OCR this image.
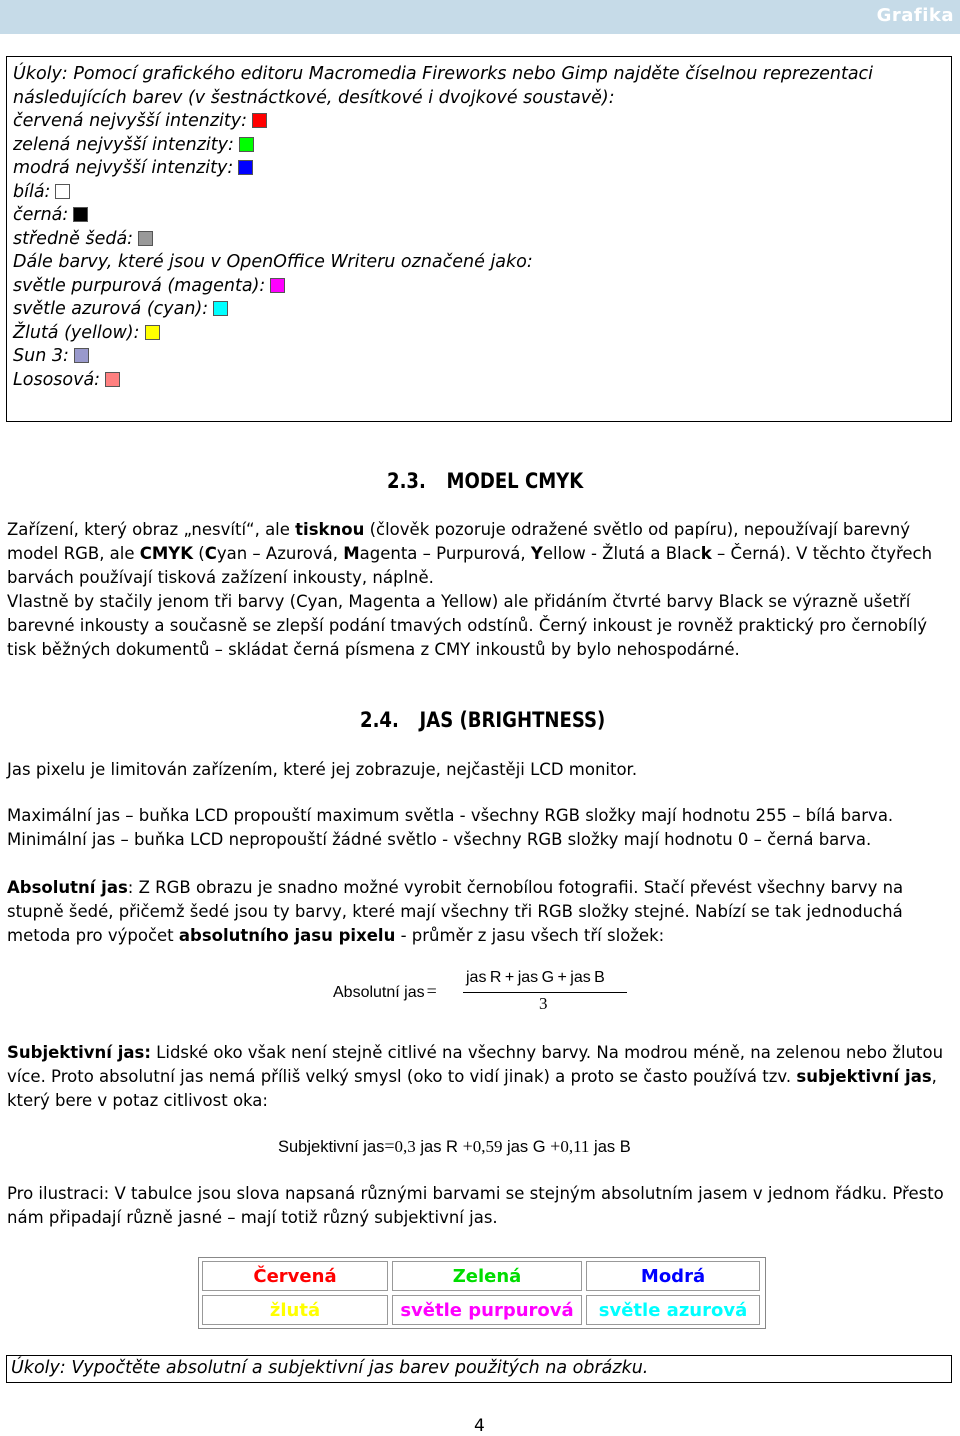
Grafika
Úkoly: Pomocí grafického editoru Macromedia Fireworks nebo Gimp najděte číselnou reprezentaci
následujících barev (v šestnáctkové, desítkové i dvojkové soustavě):
červená nejvyšší intenzity:
zelená nejvyšší intenzity:
modrá nejvyšší intenzity:
bílá:
černá:
středně šedá:
Dále barvy, které jsou v OpenOffice Writeru označené jako:
světle purpurová (magenta):
světle azurová (cyan):
Žlutá (yellow):
Sun 3:
Lososová:
2.3. MODEL CMYK

Zařízení, který obraz „nesvítí“, ale tisknou (člověk pozoruje odražené světlo od papíru), nepoužívají barevný model RGB, ale CMYK (Cyan – Azurová, Magenta – Purpurová, Yellow - Žlutá a Black – Černá). V těchto čtyřech barvách používají tisková zažízení inkousty, náplně.

Vlastně by stačily jenom tři barvy (Cyan, Magenta a Yellow) ale přidáním čtvrté barvy Black se výrazně ušetří barevné inkousty a současně se zlepší podání tmavých odstínů. Černý inkoust je rovněž praktický pro černobílý tisk běžných dokumentů – skládat černá písmena z CMY inkoustů by bylo nehospodárné.

2.4. JAS (BRIGHTNESS)

Jas pixelu je limitován zařízením, které jej zobrazuje, nejčastěji LCD monitor.

Maximální jas – buňka LCD propouští maximum světla - všechny RGB složky mají hodnotu 255 – bílá barva.

Minimální jas – buňka LCD nepropouští žádné světlo - všechny RGB složky mají hodnotu 0 – černá barva.

Absolutní jas: Z RGB obrazu je snadno možné vyrobit černobílou fotografii. Stačí převést všechny barvy na stupně šedé, přičemž šedé jsou ty barvy, které mají všechny tři RGB složky stejné. Nabízí se tak jednoduchá metoda pro výpočet absolutního jasu pixelu - průměr z jasu všech tří složek:

Absolutní jas =
jas R + jas G + jas B
3

Subjektivní jas: Lidské oko však není stejně citlivé na všechny barvy. Na modrou méně, na zelenou nebo žlutou více. Proto absolutní jas nemá příliš velký smysl (oko to vidí jinak) a proto se často používá tzv. subjektivní jas, který bere v potaz citlivost oka:

Subjektivní jas=0,3 jas R +0,59 jas G +0,11 jas B

Pro ilustraci: V tabulce jsou slova napsaná různými barvami se stejným absolutním jasem v jednom řádku. Přesto nám připadají různě jasné – mají totiž různý subjektivní jas.

Červená	Zelená	Modrá
žlutá	světle purpurová	světle azurová
Úkoly: Vypočtěte absolutní a subjektivní jas barev použitých na obrázku.
4
